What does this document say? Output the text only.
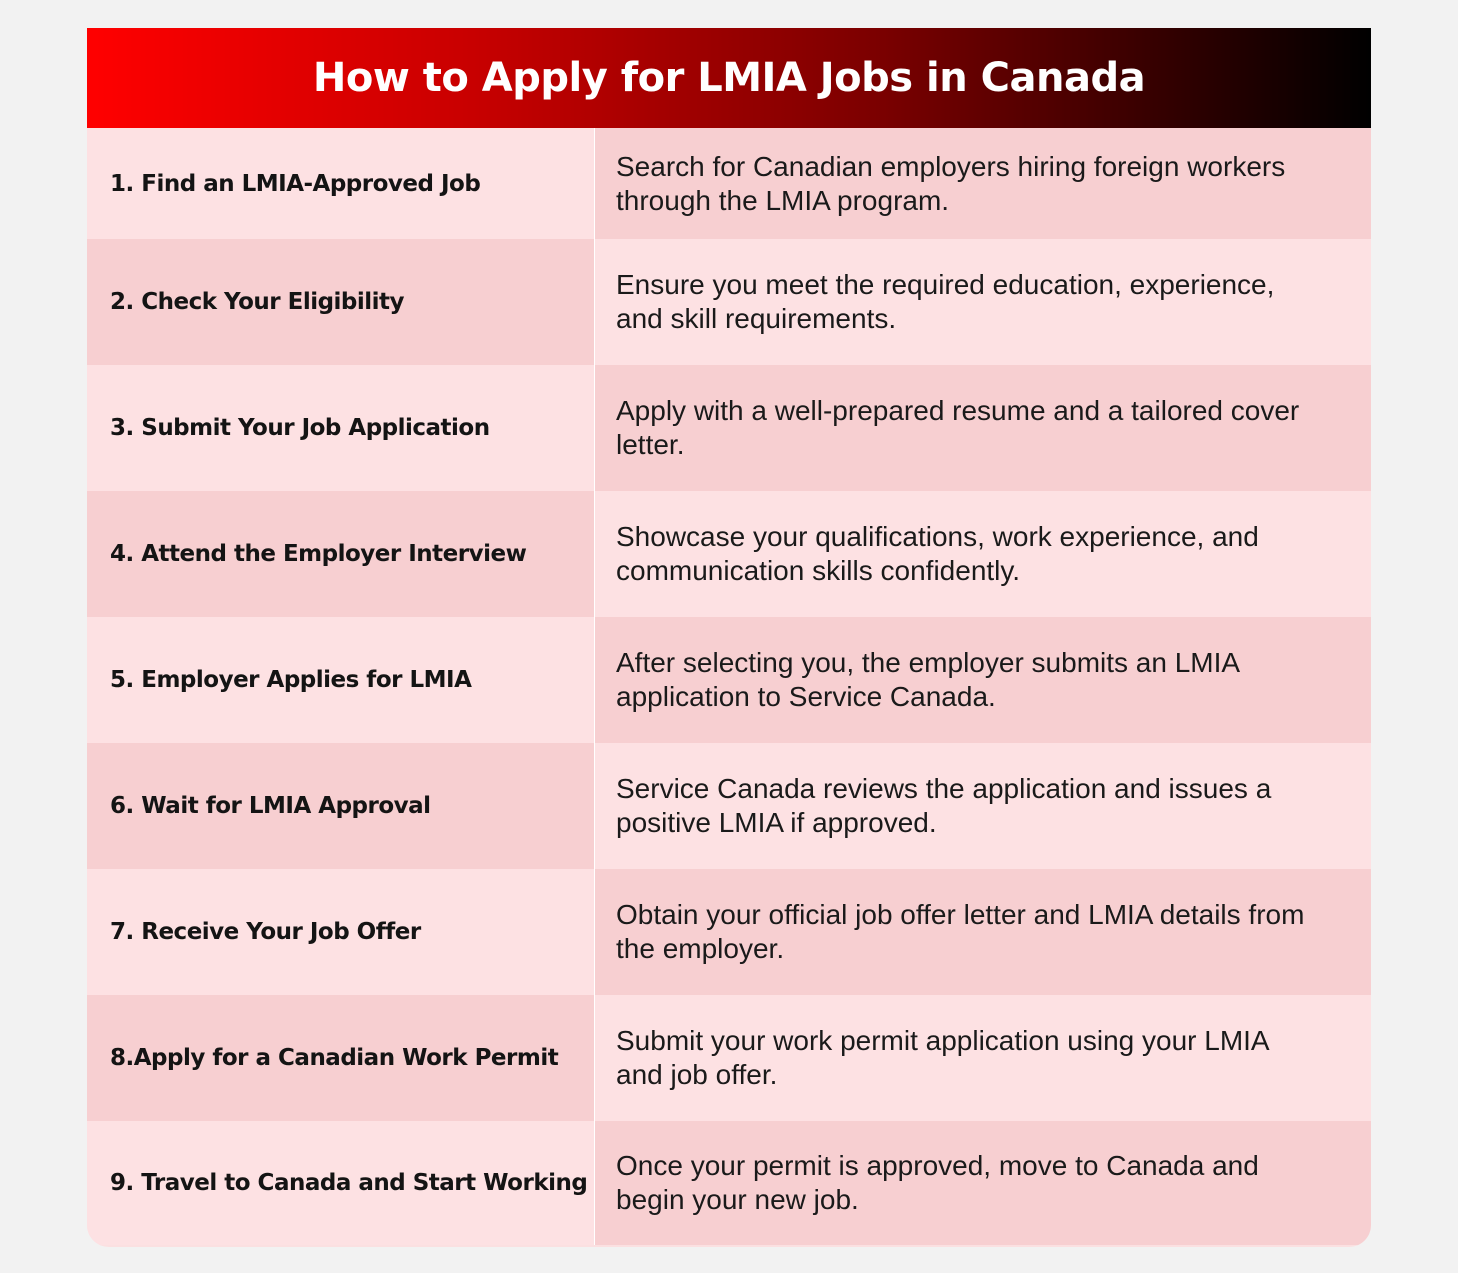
How to Apply for LMIA Jobs in Canada
1. Find an LMIA-Approved Job
Search for Canadian employers hiring foreign workers through the LMIA program.
2. Check Your Eligibility
Ensure you meet the required education, experience, and skill requirements.
3. Submit Your Job Application
Apply with a well-prepared resume and a tailored cover letter.
4. Attend the Employer Interview
Showcase your qualifications, work experience, and communication skills confidently.
5. Employer Applies for LMIA
After selecting you, the employer submits an LMIA application to Service Canada.
6. Wait for LMIA Approval
Service Canada reviews the application and issues a positive LMIA if approved.
7. Receive Your Job Offer
Obtain your official job offer letter and LMIA details from the employer.
8.Apply for a Canadian Work Permit
Submit your work permit application using your LMIA and job offer.
9. Travel to Canada and Start Working
Once your permit is approved, move to Canada and begin your new job.
